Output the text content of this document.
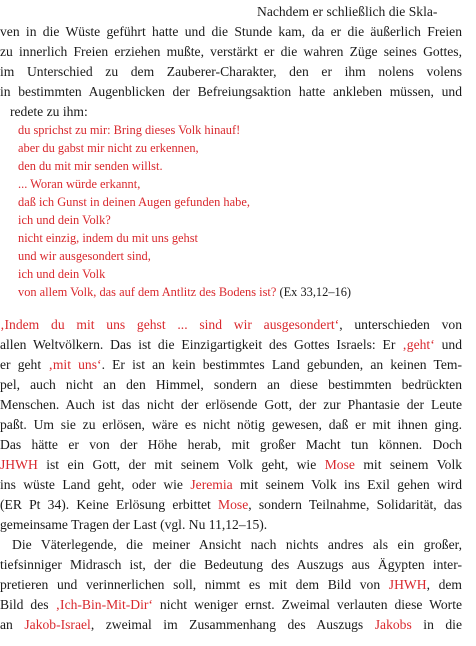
Nachdem er schließlich die Skla-
ven in die Wüste geführt hatte und die Stunde kam, da er die äußerlich Freien
zu innerlich Freien erziehen mußte, verstärkt er die wahren Züge seines Gottes,
im Unterschied zu dem Zauberer-Charakter, den er ihm nolens volens
in bestimmten Augenblicken der Befreiungsaktion hatte ankleben müssen, und
redete zu ihm:
du sprichst zu mir: Bring dieses Volk hinauf!
aber du gabst mir nicht zu erkennen,
den du mit mir senden willst.
... Woran würde erkannt,
daß ich Gunst in deinen Augen gefunden habe,
ich und dein Volk?
nicht einzig, indem du mit uns gehst
und wir ausgesondert sind,
ich und dein Volk
von allem Volk, das auf dem Antlitz des Bodens ist? (Ex 33,12–16)
‚Indem du mit uns gehst ... sind wir ausgesondert‘, unterschieden von
allen Weltvölkern. Das ist die Einzigartigkeit des Gottes Israels: Er ‚geht‘ und
er geht ‚mit uns‘. Er ist an kein bestimmtes Land gebunden, an keinen Tem-
pel, auch nicht an den Himmel, sondern an diese bestimmten bedrückten
Menschen. Auch ist das nicht der erlösende Gott, der zur Phantasie der Leute
paßt. Um sie zu erlösen, wäre es nicht nötig gewesen, daß er mit ihnen ging.
Das hätte er von der Höhe herab, mit großer Macht tun können. Doch
JHWH ist ein Gott, der mit seinem Volk geht, wie Mose mit seinem Volk
ins wüste Land geht, oder wie Jeremia mit seinem Volk ins Exil gehen wird
(ER Pt 34). Keine Erlösung erbittet Mose, sondern Teilnahme, Solidarität, das
gemeinsame Tragen der Last (vgl. Nu 11,12–15).
Die Väterlegende, die meiner Ansicht nach nichts andres als ein großer,
tiefsinniger Midrasch ist, der die Bedeutung des Auszugs aus Ägypten inter-
pretieren und verinnerlichen soll, nimmt es mit dem Bild von JHWH, dem
Bild des ‚Ich-Bin-Mit-Dir‘ nicht weniger ernst. Zweimal verlauten diese Worte
an Jakob-Israel, zweimal im Zusammenhang des Auszugs Jakobs in die
